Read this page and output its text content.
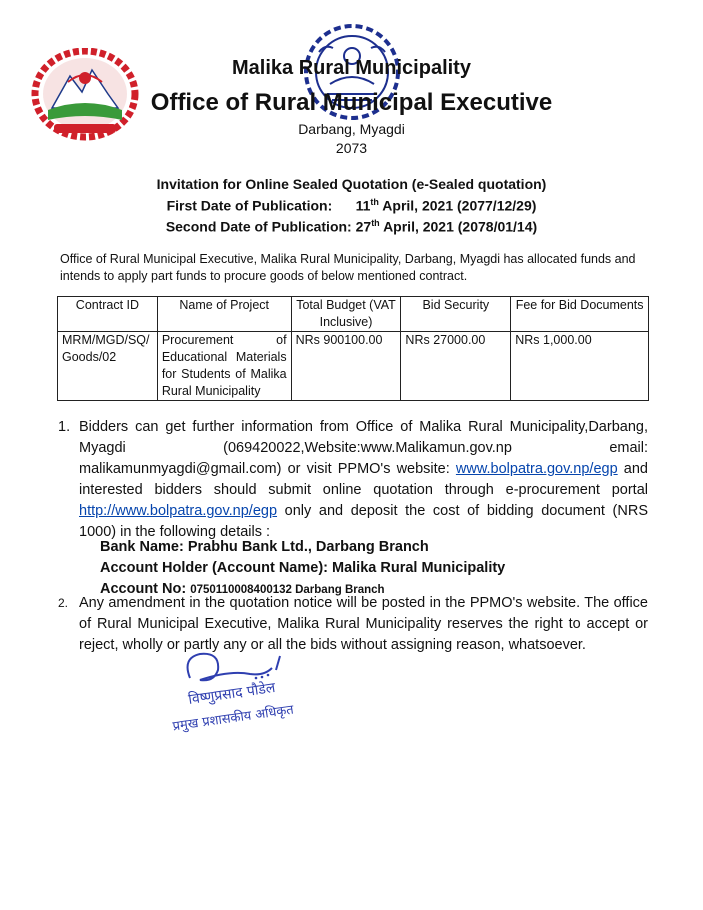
Malika Rural Municipality
Office of Rural Municipal Executive
Darbang, Myagdi
2073
Invitation for Online Sealed Quotation (e-Sealed quotation)
First Date of Publication: 11th April, 2021 (2077/12/29)
Second Date of Publication: 27th April, 2021 (2078/01/14)
Office of Rural Municipal Executive, Malika Rural Municipality, Darbang, Myagdi has allocated funds and intends to apply part funds to procure goods of below mentioned contract.
Contract ID	Name of Project	Total Budget (VAT Inclusive)	Bid Security	Fee for Bid Documents
MRM/MGD/SQ/Goods/02	Procurement of Educational Materials for Students of Malika Rural Municipality	NRs 900100.00	NRs 27000.00	NRs 1,000.00
1. Bidders can get further information from Office of Malika Rural Municipality,Darbang, Myagdi (069420022,Website:www.Malikamun.gov.np email: malikamunmyagdi@gmail.com) or visit PPMO's website: www.bolpatra.gov.np/egp and interested bidders should submit online quotation through e-procurement portal http://www.bolpatra.gov.np/egp only and deposit the cost of bidding document (NRS 1000) in the following details :
Bank Name: Prabhu Bank Ltd., Darbang Branch
Account Holder (Account Name): Malika Rural Municipality
Account No: 0750110008400132 Darbang Branch
2. Any amendment in the quotation notice will be posted in the PPMO's website. The office of Rural Municipal Executive, Malika Rural Municipality reserves the right to accept or reject, wholly or partly any or all the bids without assigning reason, whatsoever.
विष्णुप्रसाद पौडेल
प्रमुख प्रशासकीय अधिकृत
